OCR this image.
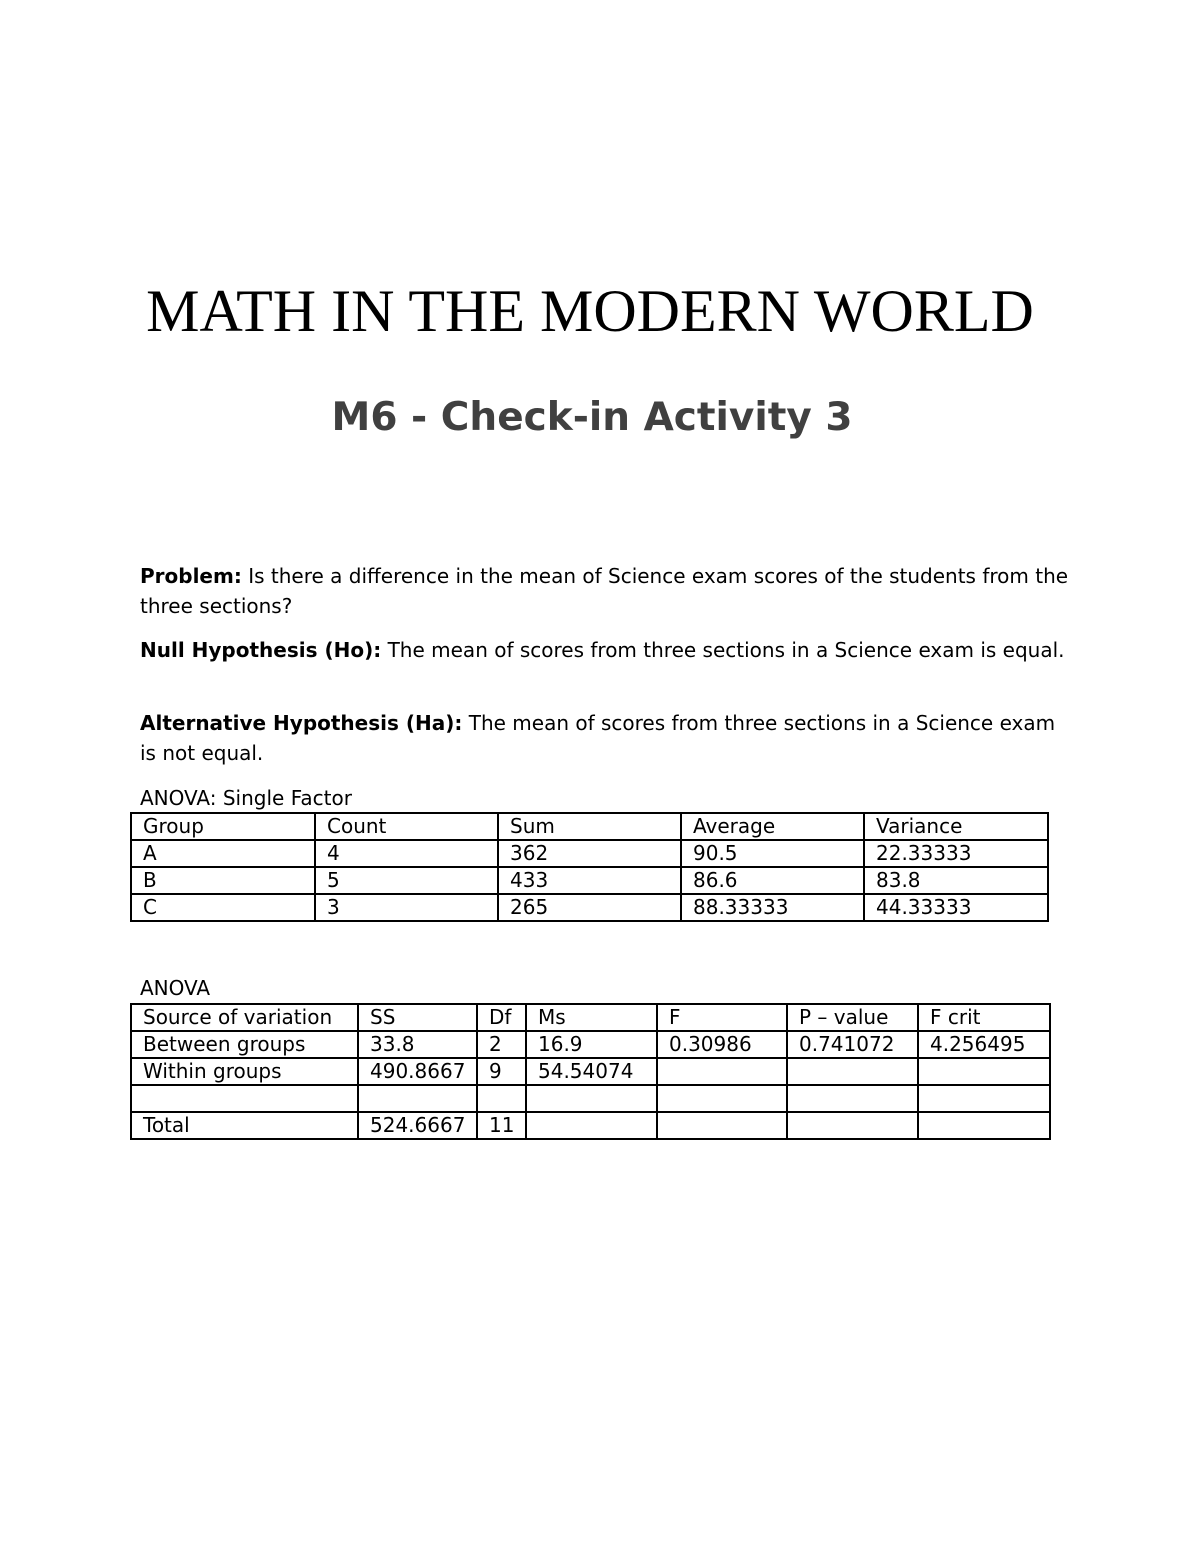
MATH IN THE MODERN WORLD
M6 - Check-in Activity 3

Problem: Is there a difference in the mean of Science exam scores of the students from the three sections?

Null Hypothesis (Ho): The mean of scores from three sections in a Science exam is equal.

Alternative Hypothesis (Ha): The mean of scores from three sections in a Science exam is not equal.

ANOVA: Single Factor

Group	Count	Sum	Average	Variance
A	4	362	90.5	22.33333
B	5	433	86.6	83.8
C	3	265	88.33333	44.33333

ANOVA

Source of variation	SS	Df	Ms	F	P – value	F crit
Between groups	33.8	2	16.9	0.30986	0.741072	4.256495
Within groups	490.8667	9	54.54074			

Total	524.6667	11				
